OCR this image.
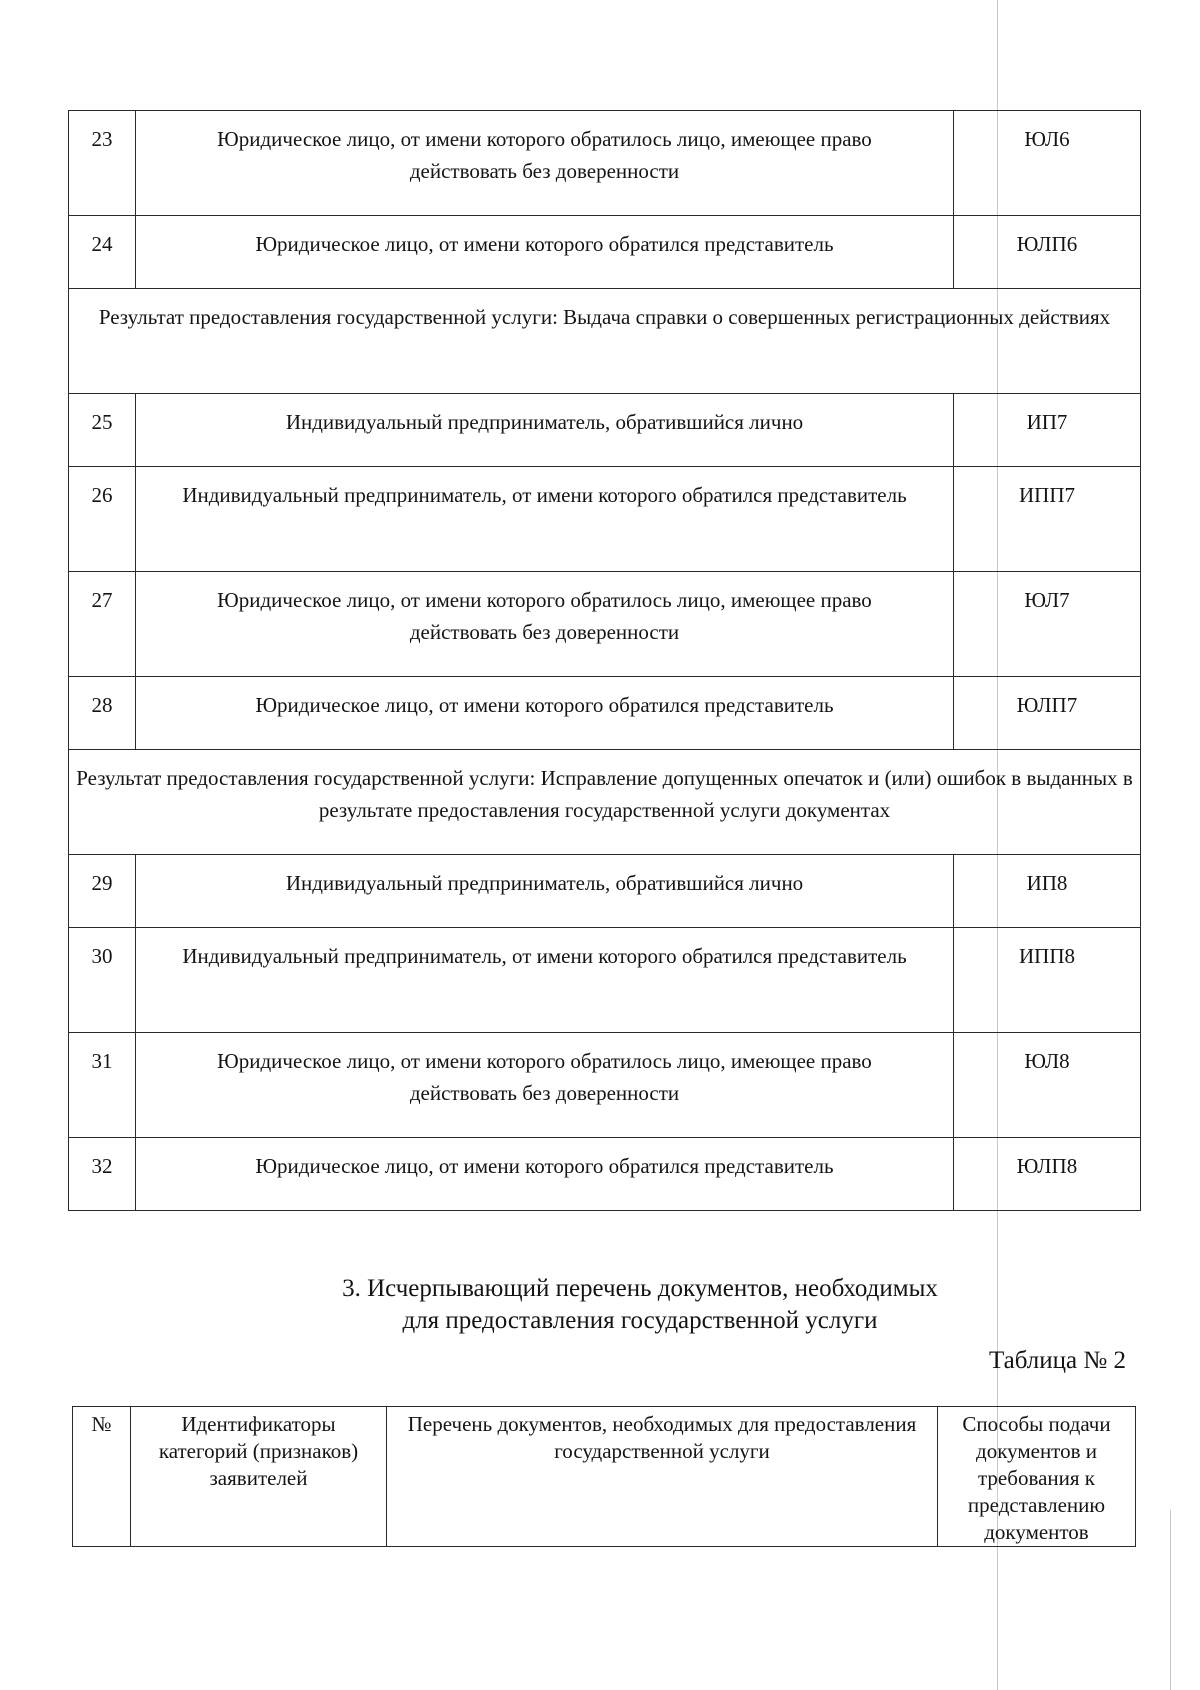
23	Юридическое лицо, от имени которого обратилось лицо, имеющее право действовать без доверенности	ЮЛ6
24	Юридическое лицо, от имени которого обратился представитель	ЮЛП6
Результат предоставления государственной услуги: Выдача справки о совершенных регистрационных действиях		
25	Индивидуальный предприниматель, обратившийся лично	ИП7
26	Индивидуальный предприниматель, от имени которого обратился представитель	ИПП7
27	Юридическое лицо, от имени которого обратилось лицо, имеющее право действовать без доверенности	ЮЛ7
28	Юридическое лицо, от имени которого обратился представитель	ЮЛП7
Результат предоставления государственной услуги: Исправление допущенных опечаток и (или) ошибок в выданных в результате предоставления государственной услуги документах		
29	Индивидуальный предприниматель, обратившийся лично	ИП8
30	Индивидуальный предприниматель, от имени которого обратился представитель	ИПП8
31	Юридическое лицо, от имени которого обратилось лицо, имеющее право действовать без доверенности	ЮЛ8
32	Юридическое лицо, от имени которого обратился представитель	ЮЛП8
3. Исчерпывающий перечень документов, необходимых
для предоставления государственной услуги
Таблица № 2
№	Идентификаторы категорий (признаков) заявителей	Перечень документов, необходимых для предоставления государственной услуги	Способы подачи документов и требования к представлению документов
